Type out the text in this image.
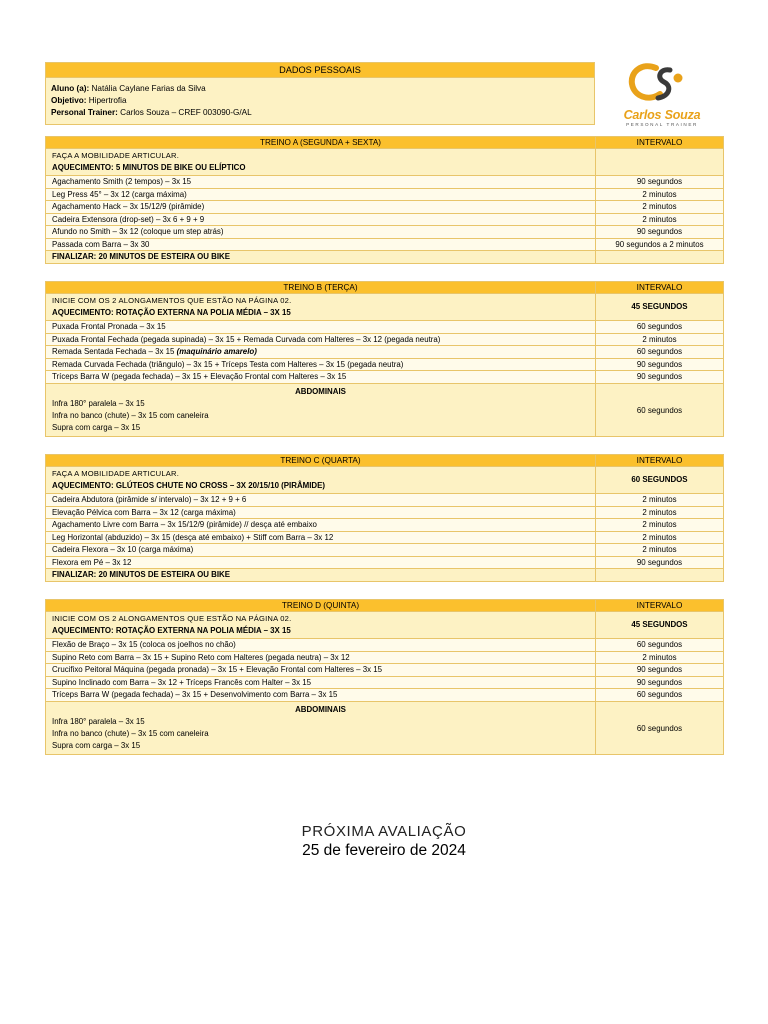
DADOS PESSOAIS

Aluno (a): Natália Caylane Farias da Silva
Objetivo: Hipertrofia
Personal Trainer: Carlos Souza – CREF 003090-G/AL	Carlos Souza
PERSONAL TRAINER
TREINO A (SEGUNDA + SEXTA)	INTERVALO

FAÇA A MOBILIDADE ARTICULAR.
AQUECIMENTO: 5 MINUTOS DE BIKE OU ELÍPTICO	

Agachamento Smith (2 tempos) – 3x 15	90 segundos
Leg Press 45° – 3x 12 (carga máxima)	2 minutos
Agachamento Hack – 3x 15/12/9 (pirâmide)	2 minutos
Cadeira Extensora (drop-set) – 3x 6 + 9 + 9	2 minutos
Afundo no Smith – 3x 12 (coloque um step atrás)	90 segundos
Passada com Barra – 3x 30	90 segundos a 2 minutos
FINALIZAR: 20 MINUTOS DE ESTEIRA OU BIKE	
TREINO B (TERÇA)	INTERVALO

INICIE COM OS 2 ALONGAMENTOS QUE ESTÃO NA PÁGINA 02.
AQUECIMENTO: ROTAÇÃO EXTERNA NA POLIA MÉDIA – 3X 15	45 SEGUNDOS
Puxada Frontal Pronada – 3x 15	60 segundos
Puxada Frontal Fechada (pegada supinada) – 3x 15 + Remada Curvada com Halteres – 3x 12 (pegada neutra)	2 minutos
Remada Sentada Fechada – 3x 15 (maquinário amarelo)	60 segundos
Remada Curvada Fechada (triângulo) – 3x 15 + Tríceps Testa com Halteres – 3x 15 (pegada neutra)	90 segundos
Tríceps Barra W (pegada fechada) – 3x 15 + Elevação Frontal com Halteres – 3x 15	90 segundos

ABDOMINAIS
Infra 180° paralela – 3x 15
Infra no banco (chute) – 3x 15 com caneleira
Supra com carga – 3x 15	60 segundos
TREINO C (QUARTA)	INTERVALO

FAÇA A MOBILIDADE ARTICULAR.
AQUECIMENTO: GLÚTEOS CHUTE NO CROSS – 3X 20/15/10 (PIRÂMIDE)	60 SEGUNDOS
Cadeira Abdutora (pirâmide s/ intervalo) – 3x 12 + 9 + 6	2 minutos
Elevação Pélvica com Barra – 3x 12 (carga máxima)	2 minutos
Agachamento Livre com Barra – 3x 15/12/9 (pirâmide) // desça até embaixo	2 minutos
Leg Horizontal (abduzido) – 3x 15 (desça até embaixo) + Stiff com Barra – 3x 12	2 minutos
Cadeira Flexora – 3x 10 (carga máxima)	2 minutos
Flexora em Pé – 3x 12	90 segundos
FINALIZAR: 20 MINUTOS DE ESTEIRA OU BIKE	
TREINO D (QUINTA)	INTERVALO

INICIE COM OS 2 ALONGAMENTOS QUE ESTÃO NA PÁGINA 02.
AQUECIMENTO: ROTAÇÃO EXTERNA NA POLIA MÉDIA – 3X 15	45 SEGUNDOS
Flexão de Braço – 3x 15 (coloca os joelhos no chão)	60 segundos
Supino Reto com Barra – 3x 15 + Supino Reto com Halteres (pegada neutra) – 3x 12	2 minutos
Crucifixo Peitoral Máquina (pegada pronada) – 3x 15 + Elevação Frontal com Halteres – 3x 15	90 segundos
Supino Inclinado com Barra – 3x 12 + Tríceps Francês com Halter – 3x 15	90 segundos
Tríceps Barra W (pegada fechada) – 3x 15 + Desenvolvimento com Barra – 3x 15	60 segundos

ABDOMINAIS
Infra 180° paralela – 3x 15
Infra no banco (chute) – 3x 15 com caneleira
Supra com carga – 3x 15	60 segundos
PRÓXIMA AVALIAÇÃO
25 de fevereiro de 2024
